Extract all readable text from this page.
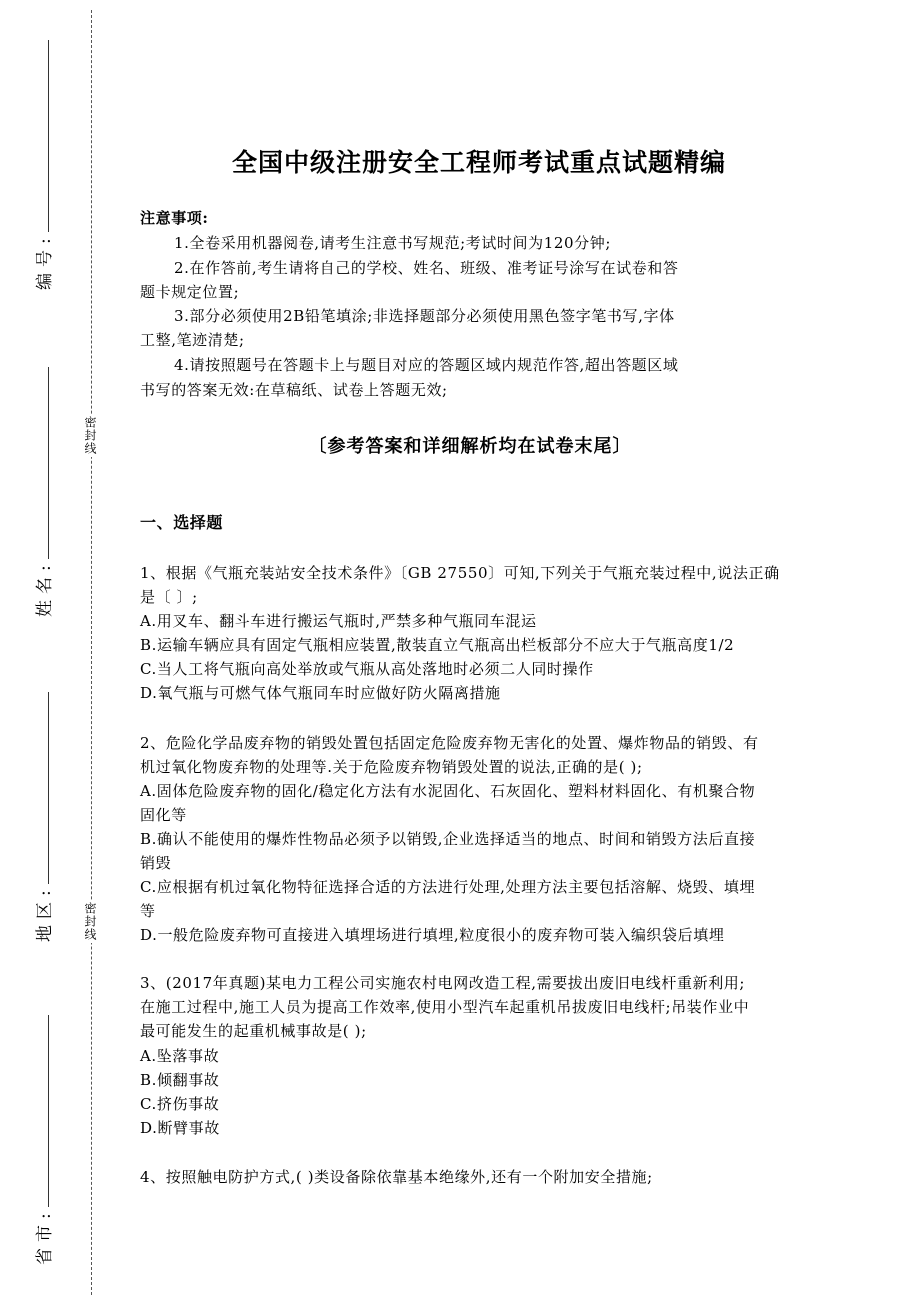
密封线
密封线
编号
:
姓名
:
地区
:
省市
:
全国中级注册安全工程师考试重点试题精编
注意事项:
1.全卷采用机器阅卷,请考生注意书写规范;考试时间为120分钟;
2.在作答前,考生请将自己的学校、姓名、班级、准考证号涂写在试卷和答
题卡规定位置;
3.部分必须使用2B铅笔填涂;非选择题部分必须使用黑色签字笔书写,字体
工整,笔迹清楚;
4.请按照题号在答题卡上与题目对应的答题区域内规范作答,超出答题区域
书写的答案无效:在草稿纸、试卷上答题无效;
〔参考答案和详细解析均在试卷末尾〕
一、选择题
1、根据《气瓶充装站安全技术条件》〔GB 27550〕可知,下列关于气瓶充装过程中,说法正确
是〔 〕;
A.用叉车、翻斗车进行搬运气瓶时,严禁多种气瓶同车混运
B.运输车辆应具有固定气瓶相应装置,散装直立气瓶高出栏板部分不应大于气瓶高度1/2
C.当人工将气瓶向高处举放或气瓶从高处落地时必须二人同时操作
D.氧气瓶与可燃气体气瓶同车时应做好防火隔离措施
2、危险化学品废弃物的销毁处置包括固定危险废弃物无害化的处置、爆炸物品的销毁、有
机过氧化物废弃物的处理等.关于危险废弃物销毁处置的说法,正确的是( );
A.固体危险废弃物的固化/稳定化方法有水泥固化、石灰固化、塑料材料固化、有机聚合物
固化等
B.确认不能使用的爆炸性物品必须予以销毁,企业选择适当的地点、时间和销毁方法后直接
销毁
C.应根据有机过氧化物特征选择合适的方法进行处理,处理方法主要包括溶解、烧毁、填埋
等
D.一般危险废弃物可直接进入填埋场进行填埋,粒度很小的废弃物可装入编织袋后填埋
3、(2017年真题)某电力工程公司实施农村电网改造工程,需要拔出废旧电线杆重新利用;
在施工过程中,施工人员为提高工作效率,使用小型汽车起重机吊拔废旧电线杆;吊装作业中
最可能发生的起重机械事故是( );
A.坠落事故
B.倾翻事故
C.挤伤事故
D.断臂事故
4、按照触电防护方式,( )类设备除依靠基本绝缘外,还有一个附加安全措施;
